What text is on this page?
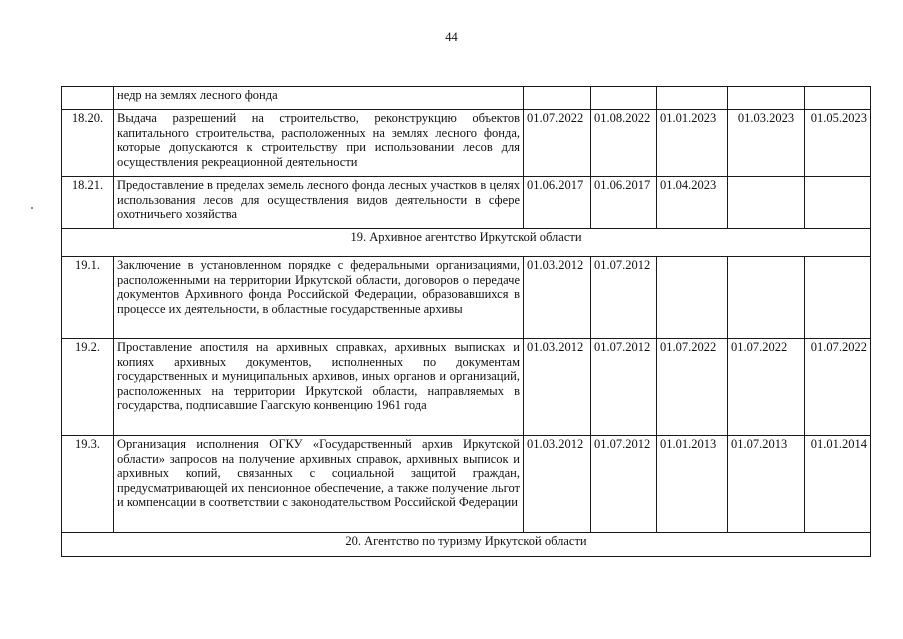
44
	недр на землях лесного фонда					
18.20.	Выдача разрешений на строительство, реконструкцию объектов капитального строительства, расположенных на землях лесного фонда, которые допускаются к строительству при использовании лесов для осуществления рекреационной деятельности	01.07.2022	01.08.2022	01.01.2023	01.03.2023	01.05.2023
18.21.	Предоставление в пределах земель лесного фонда лесных участков в целях использования лесов для осуществления видов деятельности в сфере охотничьего хозяйства	01.06.2017	01.06.2017	01.04.2023		
19. Архивное агентство Иркутской области						
19.1.	Заключение в установленном порядке с федеральными организациями, расположенными на территории Иркутской области, договоров о передаче документов Архивного фонда Российской Федерации, образовавшихся в процессе их деятельности, в областные государственные архивы	01.03.2012	01.07.2012			
19.2.	Проставление апостиля на архивных справках, архивных выписках и копиях архивных документов, исполненных по документам государственных и муниципальных архивов, иных органов и организаций, расположенных на территории Иркутской области, направляемых в государства, подписавшие Гаагскую конвенцию 1961 года	01.03.2012	01.07.2012	01.07.2022	01.07.2022	01.07.2022
19.3.	Организация исполнения ОГКУ «Государственный архив Иркутской области» запросов на получение архивных справок, архивных выписок и архивных копий, связанных с социальной защитой граждан, предусматривающей их пенсионное обеспечение, а также получение льгот и компенсации в соответствии с законодательством Российской Федерации	01.03.2012	01.07.2012	01.01.2013	01.07.2013	01.01.2014
20. Агентство по туризму Иркутской области						
